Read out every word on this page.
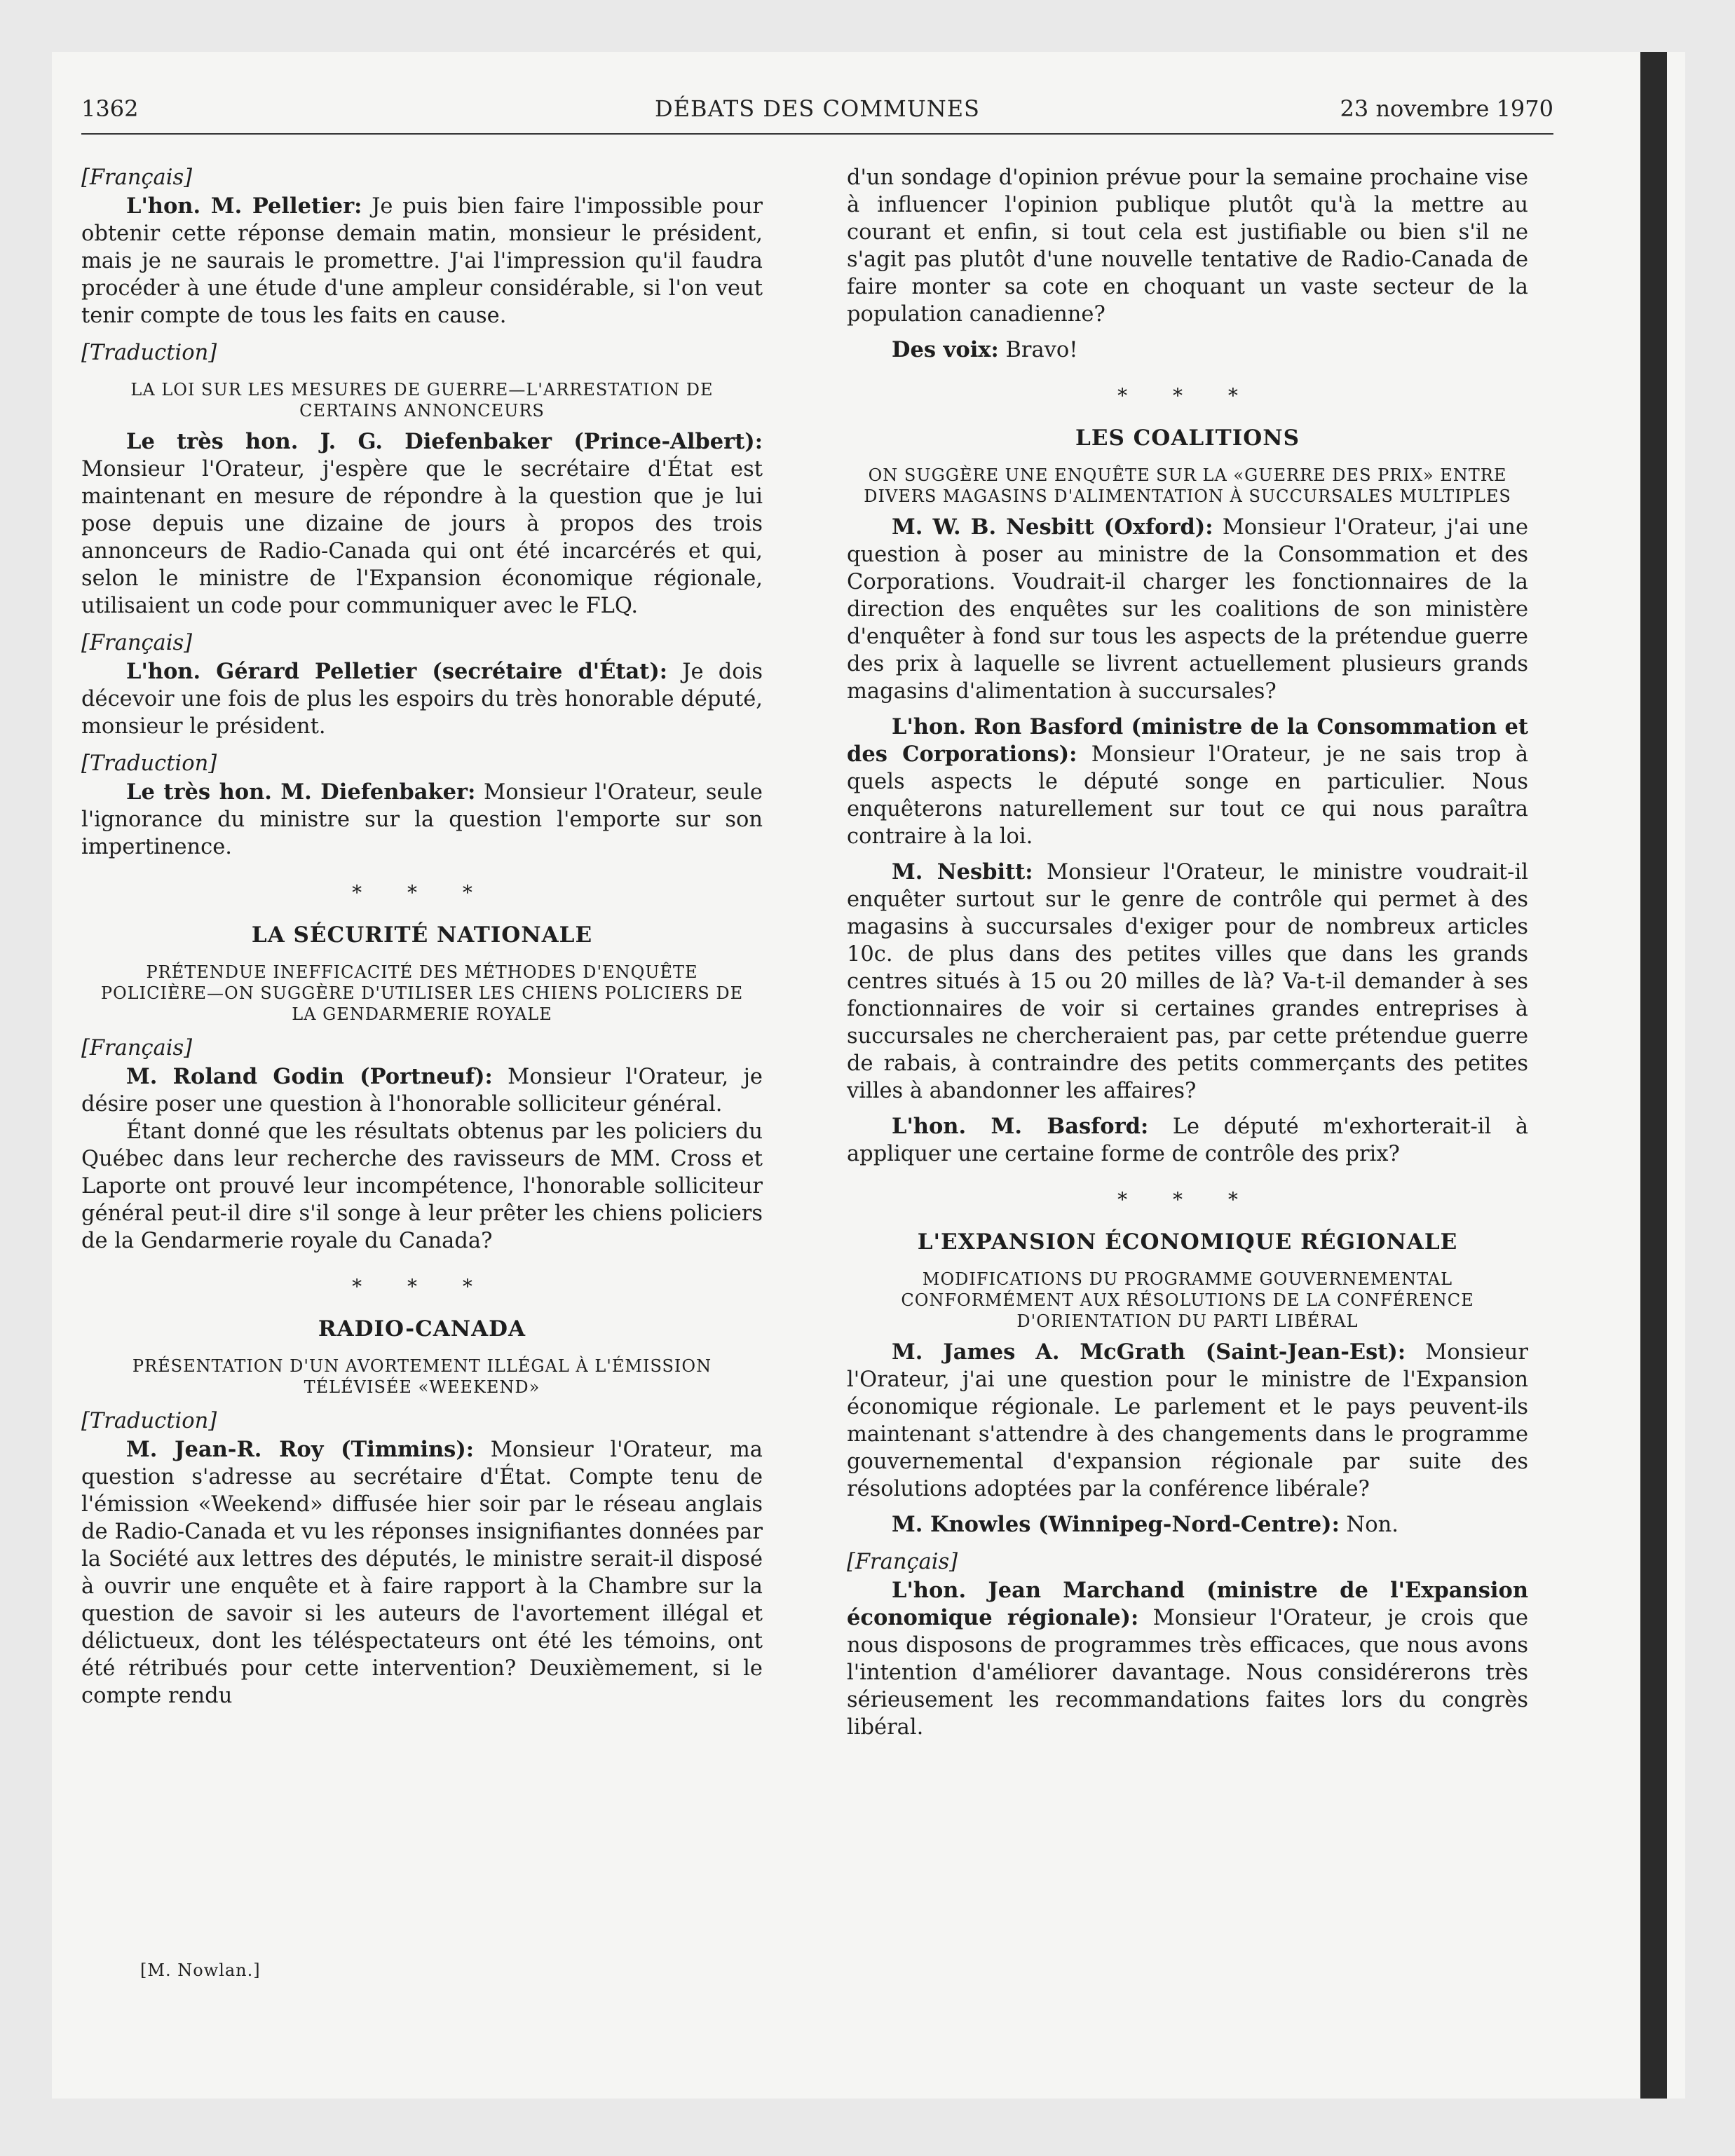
1362	DÉBATS DES COMMUNES	23 novembre 1970

[Français]

L'hon. M. Pelletier: Je puis bien faire l'impossible pour obtenir cette réponse demain matin, monsieur le président, mais je ne saurais le promettre. J'ai l'impression qu'il faudra procéder à une étude d'une ampleur considérable, si l'on veut tenir compte de tous les faits en cause.

[Traduction]

LA LOI SUR LES MESURES DE GUERRE—L'ARRESTATION DE CERTAINS ANNONCEURS

Le très hon. J. G. Diefenbaker (Prince-Albert): Monsieur l'Orateur, j'espère que le secrétaire d'État est maintenant en mesure de répondre à la question que je lui pose depuis une dizaine de jours à propos des trois annonceurs de Radio-Canada qui ont été incarcérés et qui, selon le ministre de l'Expansion économique régionale, utilisaient un code pour communiquer avec le FLQ.

[Français]

L'hon. Gérard Pelletier (secrétaire d'État): Je dois décevoir une fois de plus les espoirs du très honorable député, monsieur le président.

[Traduction]

Le très hon. M. Diefenbaker: Monsieur l'Orateur, seule l'ignorance du ministre sur la question l'emporte sur son impertinence.

* * *
LA SÉCURITÉ NATIONALE
PRÉTENDUE INEFFICACITÉ DES MÉTHODES D'ENQUÊTE POLICIÈRE—ON SUGGÈRE D'UTILISER LES CHIENS POLICIERS DE LA GENDARMERIE ROYALE

[Français]

M. Roland Godin (Portneuf): Monsieur l'Orateur, je désire poser une question à l'honorable solliciteur général.

Étant donné que les résultats obtenus par les policiers du Québec dans leur recherche des ravisseurs de MM. Cross et Laporte ont prouvé leur incompétence, l'honorable solliciteur général peut-il dire s'il songe à leur prêter les chiens policiers de la Gendarmerie royale du Canada?

* * *
RADIO-CANADA
PRÉSENTATION D'UN AVORTEMENT ILLÉGAL À L'ÉMISSION TÉLÉVISÉE «WEEKEND»

[Traduction]

M. Jean-R. Roy (Timmins): Monsieur l'Orateur, ma question s'adresse au secrétaire d'État. Compte tenu de l'émission «Weekend» diffusée hier soir par le réseau anglais de Radio-Canada et vu les réponses insignifiantes données par la Société aux lettres des députés, le ministre serait-il disposé à ouvrir une enquête et à faire rapport à la Chambre sur la question de savoir si les auteurs de l'avortement illégal et délictueux, dont les téléspectateurs ont été les témoins, ont été rétribués pour cette intervention? Deuxièmement, si le compte rendu

d'un sondage d'opinion prévue pour la semaine prochaine vise à influencer l'opinion publique plutôt qu'à la mettre au courant et enfin, si tout cela est justifiable ou bien s'il ne s'agit pas plutôt d'une nouvelle tentative de Radio-Canada de faire monter sa cote en choquant un vaste secteur de la population canadienne?

Des voix: Bravo!

* * *
LES COALITIONS
ON SUGGÈRE UNE ENQUÊTE SUR LA «GUERRE DES PRIX» ENTRE DIVERS MAGASINS D'ALIMENTATION À SUCCURSALES MULTIPLES

M. W. B. Nesbitt (Oxford): Monsieur l'Orateur, j'ai une question à poser au ministre de la Consommation et des Corporations. Voudrait-il charger les fonctionnaires de la direction des enquêtes sur les coalitions de son ministère d'enquêter à fond sur tous les aspects de la prétendue guerre des prix à laquelle se livrent actuellement plusieurs grands magasins d'alimentation à succursales?

L'hon. Ron Basford (ministre de la Consommation et des Corporations): Monsieur l'Orateur, je ne sais trop à quels aspects le député songe en particulier. Nous enquêterons naturellement sur tout ce qui nous paraîtra contraire à la loi.

M. Nesbitt: Monsieur l'Orateur, le ministre voudrait-il enquêter surtout sur le genre de contrôle qui permet à des magasins à succursales d'exiger pour de nombreux articles 10c. de plus dans des petites villes que dans les grands centres situés à 15 ou 20 milles de là? Va-t-il demander à ses fonctionnaires de voir si certaines grandes entreprises à succursales ne chercheraient pas, par cette prétendue guerre de rabais, à contraindre des petits commerçants des petites villes à abandonner les affaires?

L'hon. M. Basford: Le député m'exhorterait-il à appliquer une certaine forme de contrôle des prix?

* * *
L'EXPANSION ÉCONOMIQUE RÉGIONALE
MODIFICATIONS DU PROGRAMME GOUVERNEMENTAL CONFORMÉMENT AUX RÉSOLUTIONS DE LA CONFÉRENCE D'ORIENTATION DU PARTI LIBÉRAL

M. James A. McGrath (Saint-Jean-Est): Monsieur l'Orateur, j'ai une question pour le ministre de l'Expansion économique régionale. Le parlement et le pays peuvent-ils maintenant s'attendre à des changements dans le programme gouvernemental d'expansion régionale par suite des résolutions adoptées par la conférence libérale?

M. Knowles (Winnipeg-Nord-Centre): Non.

[Français]

L'hon. Jean Marchand (ministre de l'Expansion économique régionale): Monsieur l'Orateur, je crois que nous disposons de programmes très efficaces, que nous avons l'intention d'améliorer davantage. Nous considérerons très sérieusement les recommandations faites lors du congrès libéral.

[M. Nowlan.]
